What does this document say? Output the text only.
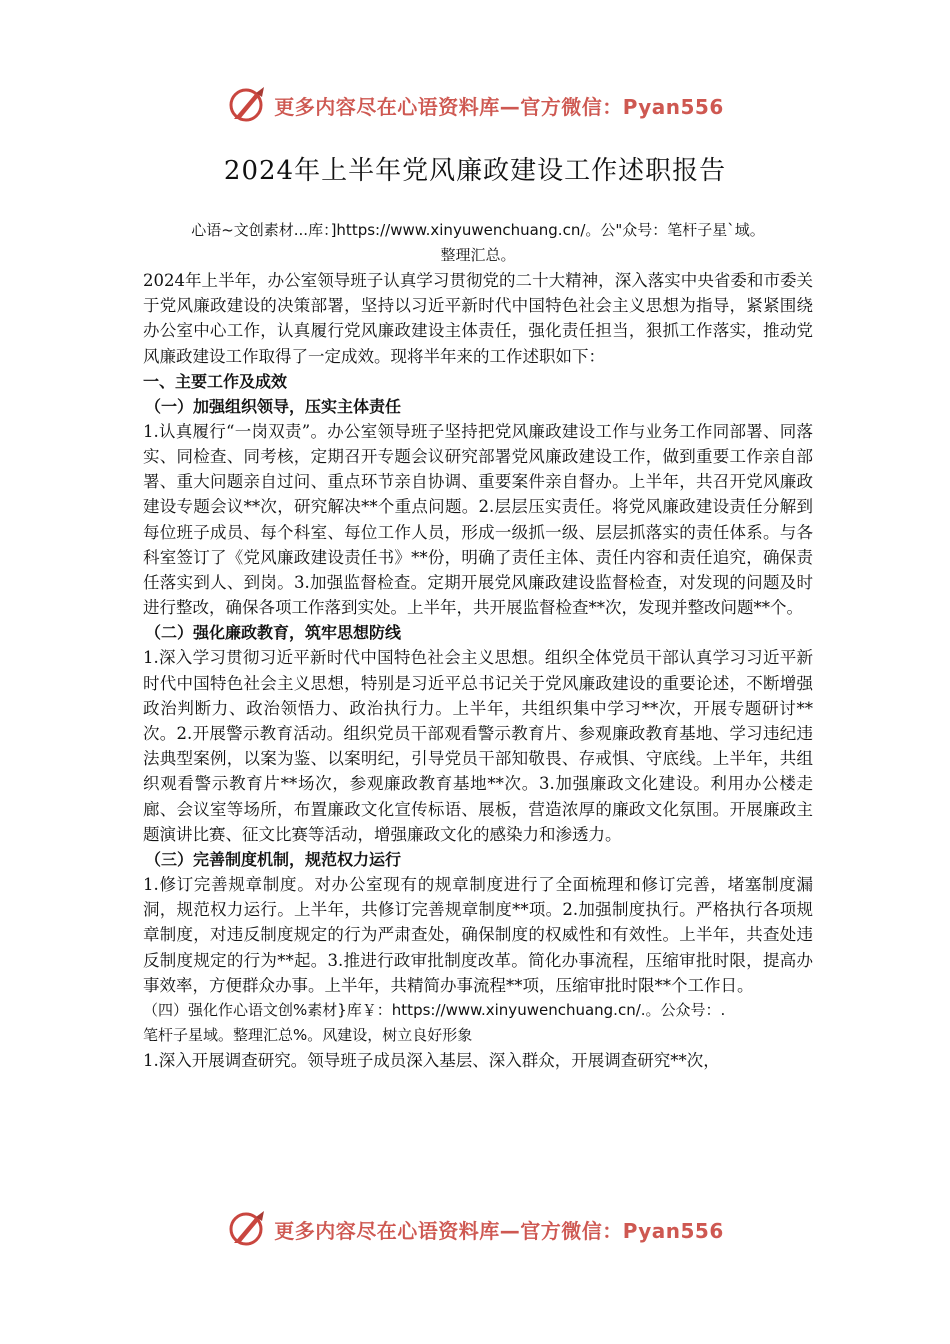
更多内容尽在心语资料库—官方微信：Pyan556
2024年上半年党风廉政建设工作述职报告

心语~文创素材...库：]https://www.xinyuwenchuang.cn/。公"众号：笔杆子星`域。

整理汇总。

2024年上半年，办公室领导班子认真学习贯彻党的二十大精神，深入落实中央省委和市委关于党风廉政建设的决策部署，坚持以习近平新时代中国特色社会主义思想为指导，紧紧围绕办公室中心工作，认真履行党风廉政建设主体责任，强化责任担当，狠抓工作落实，推动党风廉政建设工作取得了一定成效。现将半年来的工作述职如下：

一、主要工作及成效

（一）加强组织领导，压实主体责任

1.认真履行“一岗双责”。办公室领导班子坚持把党风廉政建设工作与业务工作同部署、同落实、同检查、同考核，定期召开专题会议研究部署党风廉政建设工作，做到重要工作亲自部署、重大问题亲自过问、重点环节亲自协调、重要案件亲自督办。上半年，共召开党风廉政建设专题会议**次，研究解决**个重点问题。2.层层压实责任。将党风廉政建设责任分解到每位班子成员、每个科室、每位工作人员，形成一级抓一级、层层抓落实的责任体系。与各科室签订了《党风廉政建设责任书》**份，明确了责任主体、责任内容和责任追究，确保责任落实到人、到岗。3.加强监督检查。定期开展党风廉政建设监督检查，对发现的问题及时进行整改，确保各项工作落到实处。上半年，共开展监督检查**次，发现并整改问题**个。

（二）强化廉政教育，筑牢思想防线

1.深入学习贯彻习近平新时代中国特色社会主义思想。组织全体党员干部认真学习习近平新时代中国特色社会主义思想，特别是习近平总书记关于党风廉政建设的重要论述，不断增强政治判断力、政治领悟力、政治执行力。上半年，共组织集中学习**次，开展专题研讨**次。2.开展警示教育活动。组织党员干部观看警示教育片、参观廉政教育基地、学习违纪违法典型案例，以案为鉴、以案明纪，引导党员干部知敬畏、存戒惧、守底线。上半年，共组织观看警示教育片**场次，参观廉政教育基地**次。3.加强廉政文化建设。利用办公楼走廊、会议室等场所，布置廉政文化宣传标语、展板，营造浓厚的廉政文化氛围。开展廉政主题演讲比赛、征文比赛等活动，增强廉政文化的感染力和渗透力。

（三）完善制度机制，规范权力运行

1.修订完善规章制度。对办公室现有的规章制度进行了全面梳理和修订完善，堵塞制度漏洞，规范权力运行。上半年，共修订完善规章制度**项。2.加强制度执行。严格执行各项规章制度，对违反制度规定的行为严肃查处，确保制度的权威性和有效性。上半年，共查处违反制度规定的行为**起。3.推进行政审批制度改革。简化办事流程，压缩审批时限，提高办事效率，方便群众办事。上半年，共精简办事流程**项，压缩审批时限**个工作日。

（四）强化作心语文创%素材}库￥：https://www.xinyuwenchuang.cn/.。公众号：.

笔杆子星域。整理汇总%。风建设，树立良好形象

1.深入开展调查研究。领导班子成员深入基层、深入群众，开展调查研究**次，

更多内容尽在心语资料库—官方微信：Pyan556
